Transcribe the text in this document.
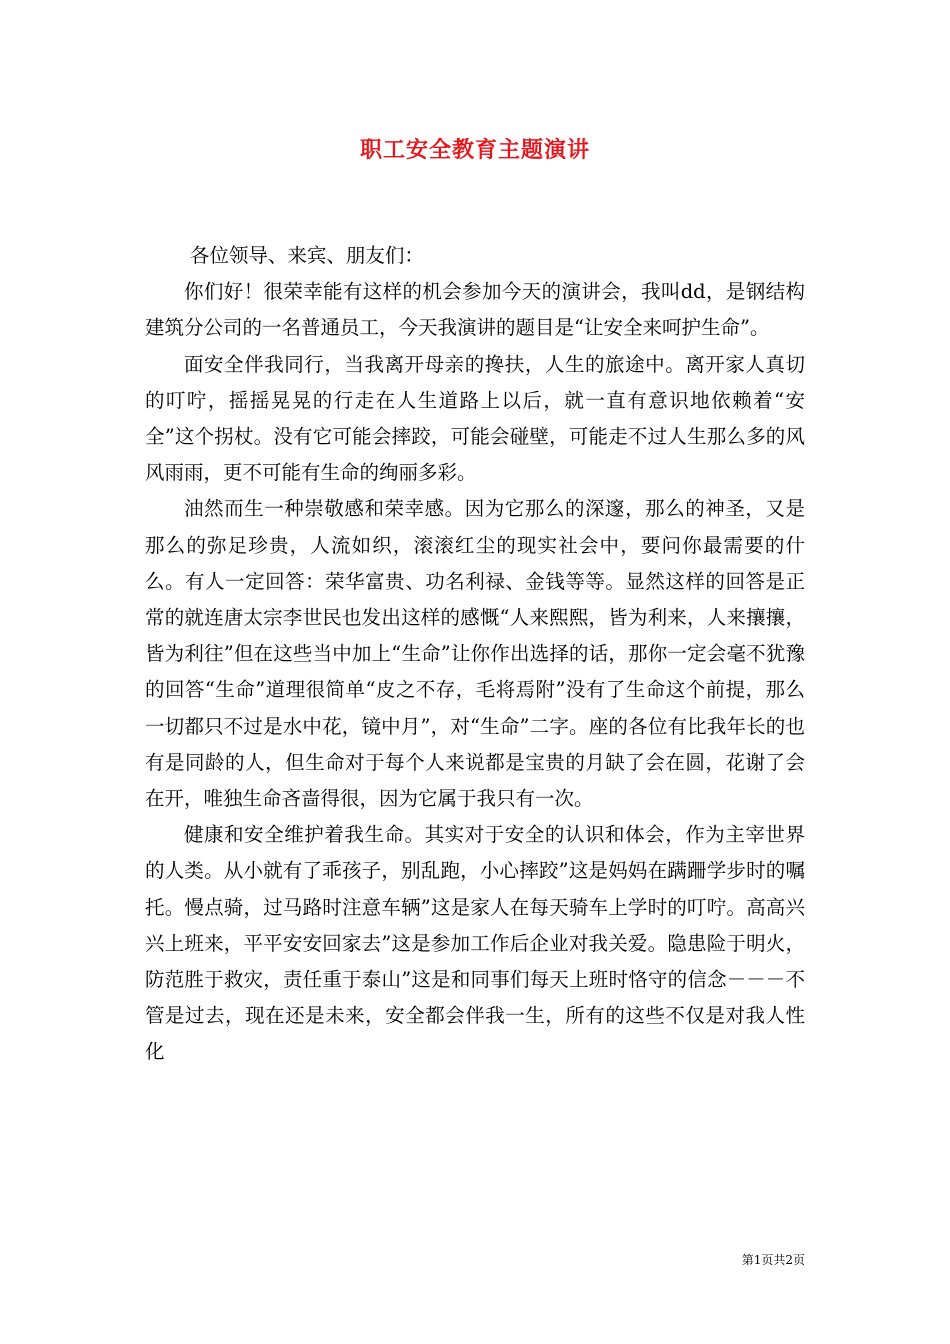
职工安全教育主题演讲

各位领导、来宾、朋友们：

你们好！很荣幸能有这样的机会参加今天的演讲会，我叫dd，是钢结构建筑分公司的一名普通员工，今天我演讲的题目是“让安全来呵护生命”。

面安全伴我同行，当我离开母亲的搀扶，人生的旅途中。离开家人真切的叮咛，摇摇晃晃的行走在人生道路上以后，就一直有意识地依赖着“安全”这个拐杖。没有它可能会摔跤，可能会碰壁，可能走不过人生那么多的风风雨雨，更不可能有生命的绚丽多彩。

油然而生一种崇敬感和荣幸感。因为它那么的深邃，那么的神圣，又是那么的弥足珍贵，人流如织，滚滚红尘的现实社会中，要问你最需要的什么。有人一定回答：荣华富贵、功名利禄、金钱等等。显然这样的回答是正常的就连唐太宗李世民也发出这样的感慨“人来熙熙，皆为利来，人来攘攘，皆为利往”但在这些当中加上“生命”让你作出选择的话，那你一定会毫不犹豫的回答“生命”道理很简单“皮之不存，毛将焉附”没有了生命这个前提，那么一切都只不过是水中花，镜中月”，对“生命”二字。座的各位有比我年长的也有是同龄的人，但生命对于每个人来说都是宝贵的月缺了会在圆，花谢了会在开，唯独生命吝啬得很，因为它属于我只有一次。

健康和安全维护着我生命。其实对于安全的认识和体会，作为主宰世界的人类。从小就有了乖孩子，别乱跑，小心摔跤”这是妈妈在蹒跚学步时的嘱托。慢点骑，过马路时注意车辆”这是家人在每天骑车上学时的叮咛。高高兴兴上班来，平平安安回家去”这是参加工作后企业对我关爱。隐患险于明火，防范胜于救灾，责任重于泰山”这是和同事们每天上班时恪守的信念－－－不管是过去，现在还是未来，安全都会伴我一生，所有的这些不仅是对我人性化

第1页共2页
